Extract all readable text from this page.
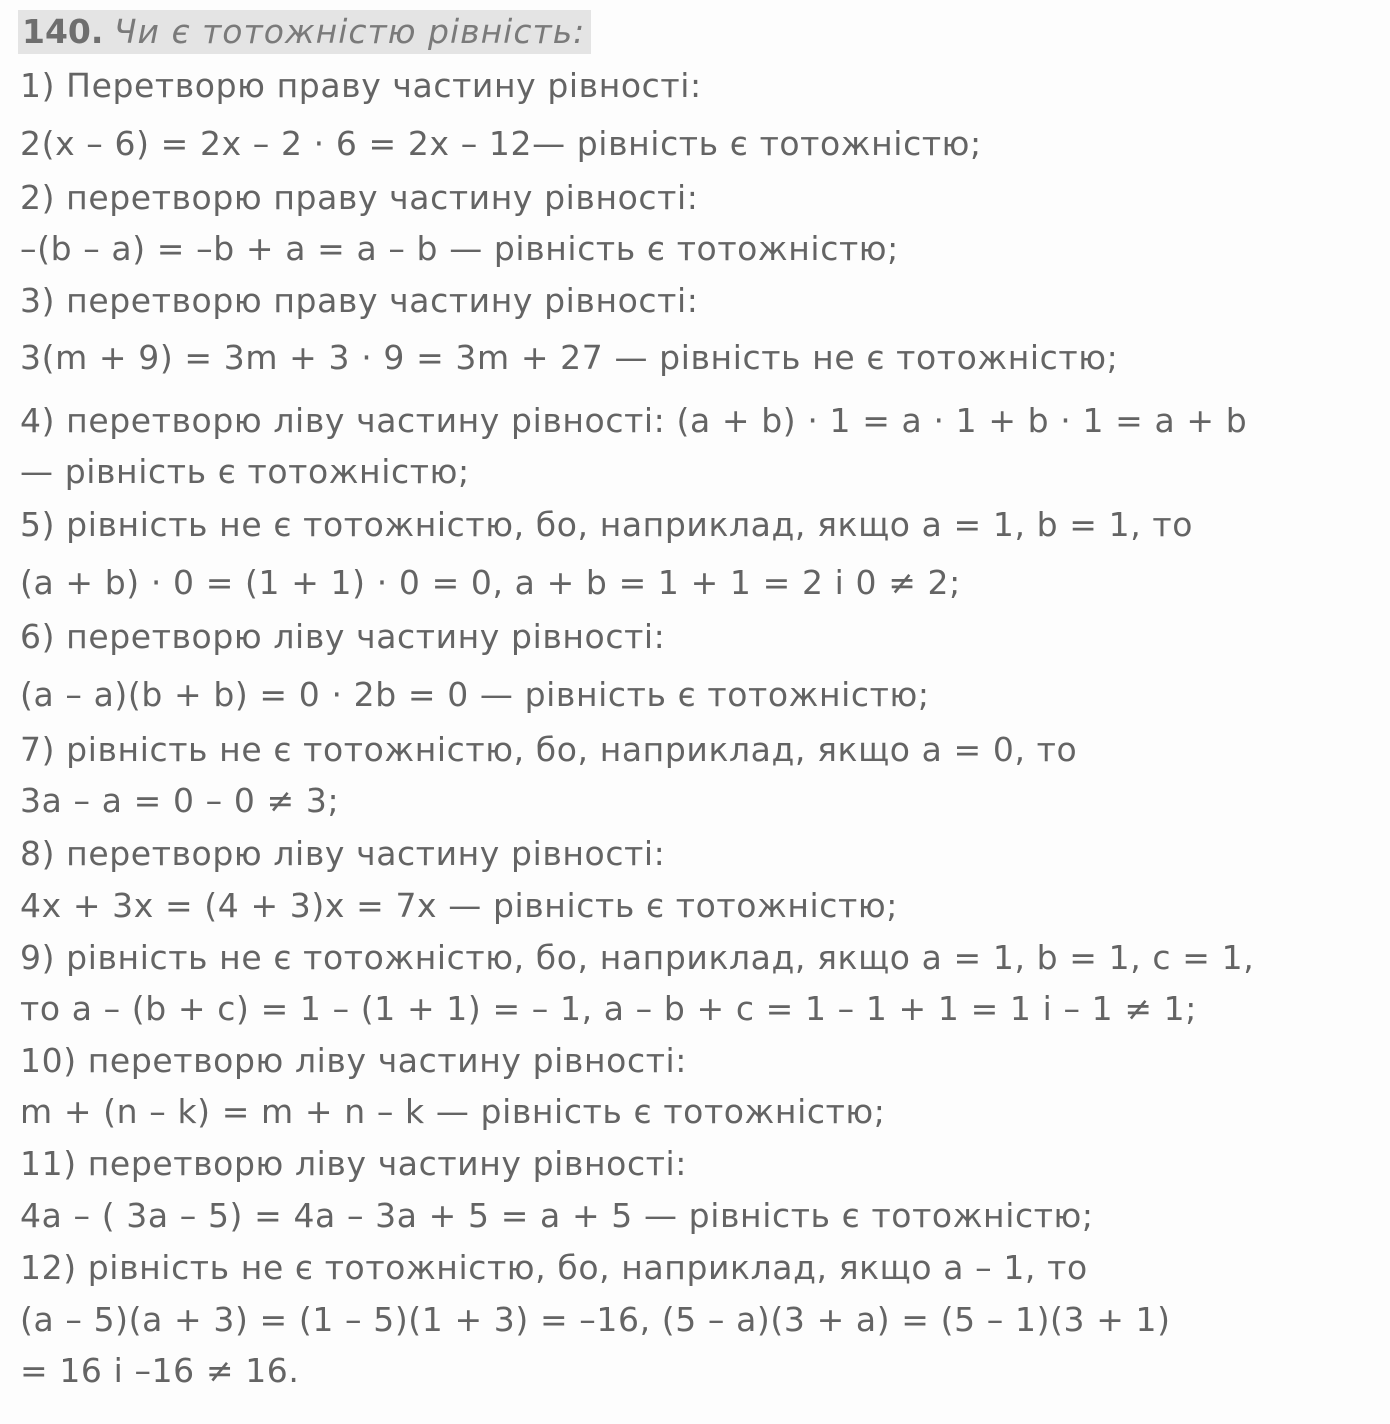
140. Чи є тотожністю рівність:
1) Перетворю праву частину рівності:
2(x – 6) = 2x – 2 · 6 = 2x – 12— рівність є тотожністю;
2) перетворю праву частину рівності:
–(b – a) = –b + a = a – b — рівність є тотожністю;
3) перетворю праву частину рівності:
3(m + 9) = 3m + 3 · 9 = 3m + 27 — рівність не є тотожністю;
4) перетворю ліву частину рівності: (a + b) · 1 = a · 1 + b · 1 = a + b
— рівність є тотожністю;
5) рівність не є тотожністю, бо, наприклад, якщо a = 1, b = 1, то
(a + b) · 0 = (1 + 1) · 0 = 0, a + b = 1 + 1 = 2 і 0 ≠ 2;
6) перетворю ліву частину рівності:
(a – a)(b + b) = 0 · 2b = 0 — рівність є тотожністю;
7) рівність не є тотожністю, бо, наприклад, якщо a = 0, то
3a – a = 0 – 0 ≠ 3;
8) перетворю ліву частину рівності:
4x + 3x = (4 + 3)x = 7x — рівність є тотожністю;
9) рівність не є тотожністю, бо, наприклад, якщо a = 1, b = 1, c = 1,
то a – (b + c) = 1 – (1 + 1) = – 1, a – b + c = 1 – 1 + 1 = 1 і – 1 ≠ 1;
10) перетворю ліву частину рівності:
m + (n – k) = m + n – k — рівність є тотожністю;
11) перетворю ліву частину рівності:
4a – ( 3a – 5) = 4a – 3a + 5 = a + 5 — рівність є тотожністю;
12) рівність не є тотожністю, бо, наприклад, якщо a – 1, то
(a – 5)(a + 3) = (1 – 5)(1 + 3) = –16, (5 – a)(3 + a) = (5 – 1)(3 + 1)
= 16 і –16 ≠ 16.
